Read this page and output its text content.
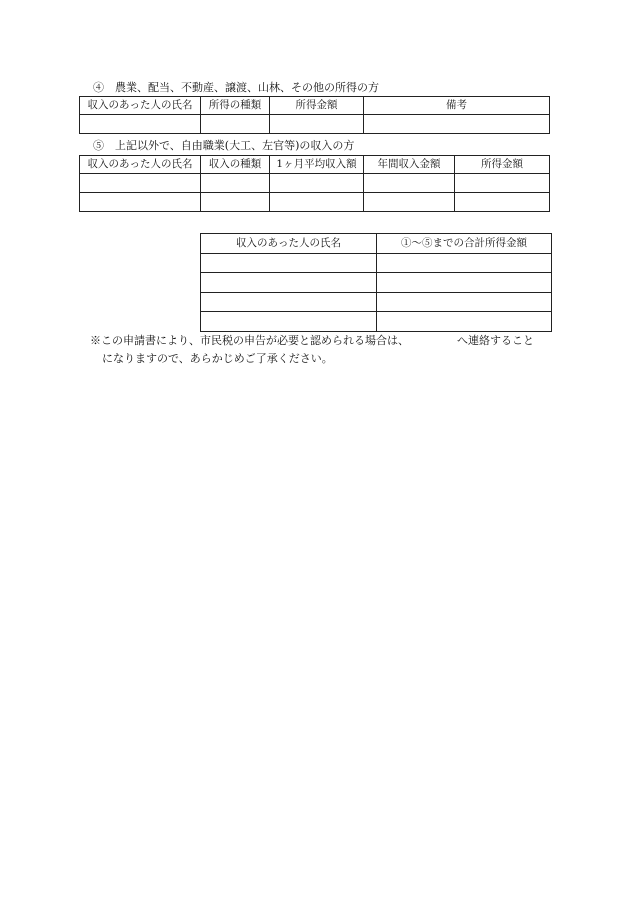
④　農業、配当、不動産、譲渡、山林、その他の所得の方
収入のあった人の氏名	所得の種類	所得金額	備考

⑤　上記以外で、自由職業(大工、左官等)の収入の方
収入のあった人の氏名	収入の種類	1ヶ月平均収入額	年間収入金額	所得金額

収入のあった人の氏名	①～⑤までの合計所得金額

※この申請書により、市民税の申告が必要と認められる場合は、	へ連絡すること
になりますので、あらかじめご了承ください。
